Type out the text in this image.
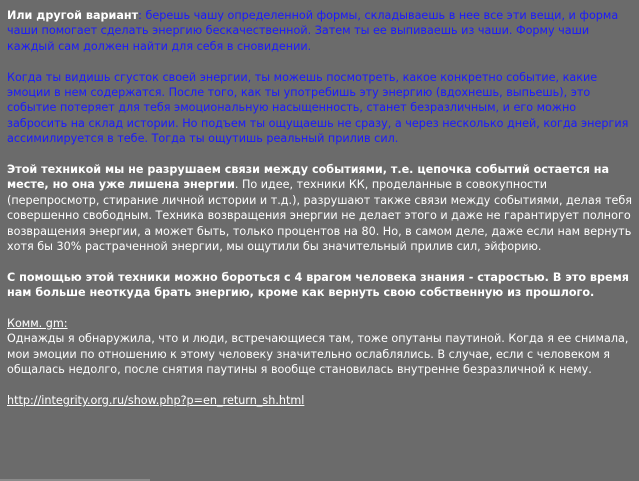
Или другой вариант: берешь чашу определенной формы, складываешь в нее все эти вещи, и форма чаши помогает сделать энергию бескачественной. Затем ты ее выпиваешь из чаши. Форму чаши каждый сам должен найти для себя в сновидении.

Когда ты видишь сгусток своей энергии, ты можешь посмотреть, какое конкретно событие, какие эмоции в нем содержатся. После того, как ты употребишь эту энергию (вдохнешь, выпьешь), это событие потеряет для тебя эмоциональную насыщенность, станет безразличным, и его можно забросить на склад истории. Но подъем ты ощущаешь не сразу, а через несколько дней, когда энергия ассимилируется в тебе. Тогда ты ощутишь реальный прилив сил.

Этой техникой мы не разрушаем связи между событиями, т.е. цепочка событий остается на месте, но она уже лишена энергии. По идее, техники КК, проделанные в совокупности (перепросмотр, стирание личной истории и т.д.), разрушают также связи между событиями, делая тебя совершенно свободным. Техника возвращения энергии не делает этого и даже не гарантирует полного возвращения энергии, а может быть, только процентов на 80. Но, в самом деле, даже если нам вернуть хотя бы 30% растраченной энергии, мы ощутили бы значительный прилив сил, эйфорию.

С помощью этой техники можно бороться с 4 врагом человека знания - старостью. В это время нам больше неоткуда брать энергию, кроме как вернуть свою собственную из прошлого.

Комм. gm:
Однажды я обнаружила, что и люди, встречающиеся там, тоже опутаны паутиной. Когда я ее снимала, мои эмоции по отношению к этому человеку значительно ослаблялись. В случае, если с человеком я общалась недолго, после снятия паутины я вообще становилась внутренне безразличной к нему.

http://integrity.org.ru/show.php?p=en_return_sh.html
